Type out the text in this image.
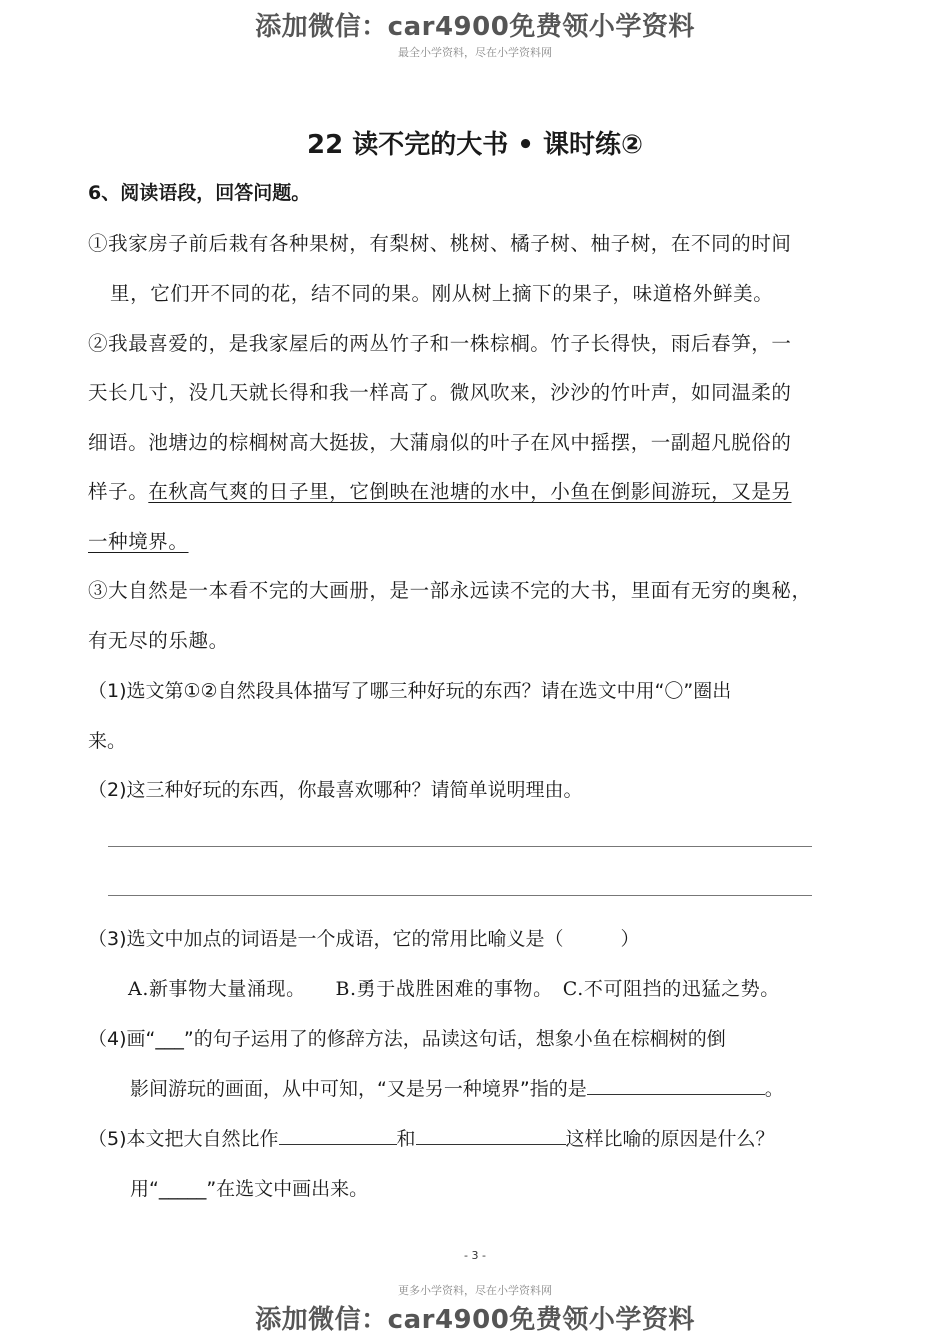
添加微信：car4900免费领小学资料
最全小学资料，尽在小学资料网
22 读不完的大书 • 课时练②
6、阅读语段，回答问题。
①我家房子前后栽有各种果树，有梨树、桃树、橘子树、柚子树，在不同的时间
里，它们开不同的花，结不同的果。刚从树上摘下的果子，味道格外鲜美。
②我最喜爱的，是我家屋后的两丛竹子和一株棕榈。竹子长得快，雨后春笋，一
天长几寸，没几天就长得和我一样高了。微风吹来，沙沙的竹叶声，如同温柔的
细语。池塘边的棕榈树高大挺拔，大蒲扇似的叶子在风中摇摆，一副超凡脱俗的
样子。在秋高气爽的日子里，它倒映在池塘的水中，小鱼在倒影间游玩，又是另
一种境界。
③大自然是一本看不完的大画册，是一部永远读不完的大书，里面有无穷的奥秘，
有无尽的乐趣。
（1)选文第①②自然段具体描写了哪三种好玩的东西？请在选文中用“〇”圈出
来。
（2)这三种好玩的东西，你最喜欢哪种？请简单说明理由。
（3)选文中加点的词语是一个成语，它的常用比喻义是（　　　）
A.新事物大量涌现。　　B.勇于战胜困难的事物。　C.不可阻挡的迅猛之势。
（4)画“___”的句子运用了的修辞方法，品读这句话，想象小鱼在棕榈树的倒
影间游玩的画面，从中可知，“又是另一种境界”指的是	。
（5)本文把大自然比作	和	这样比喻的原因是什么？
用“_____”在选文中画出来。
- 3 -
更多小学资料，尽在小学资料网
添加微信：car4900免费领小学资料
